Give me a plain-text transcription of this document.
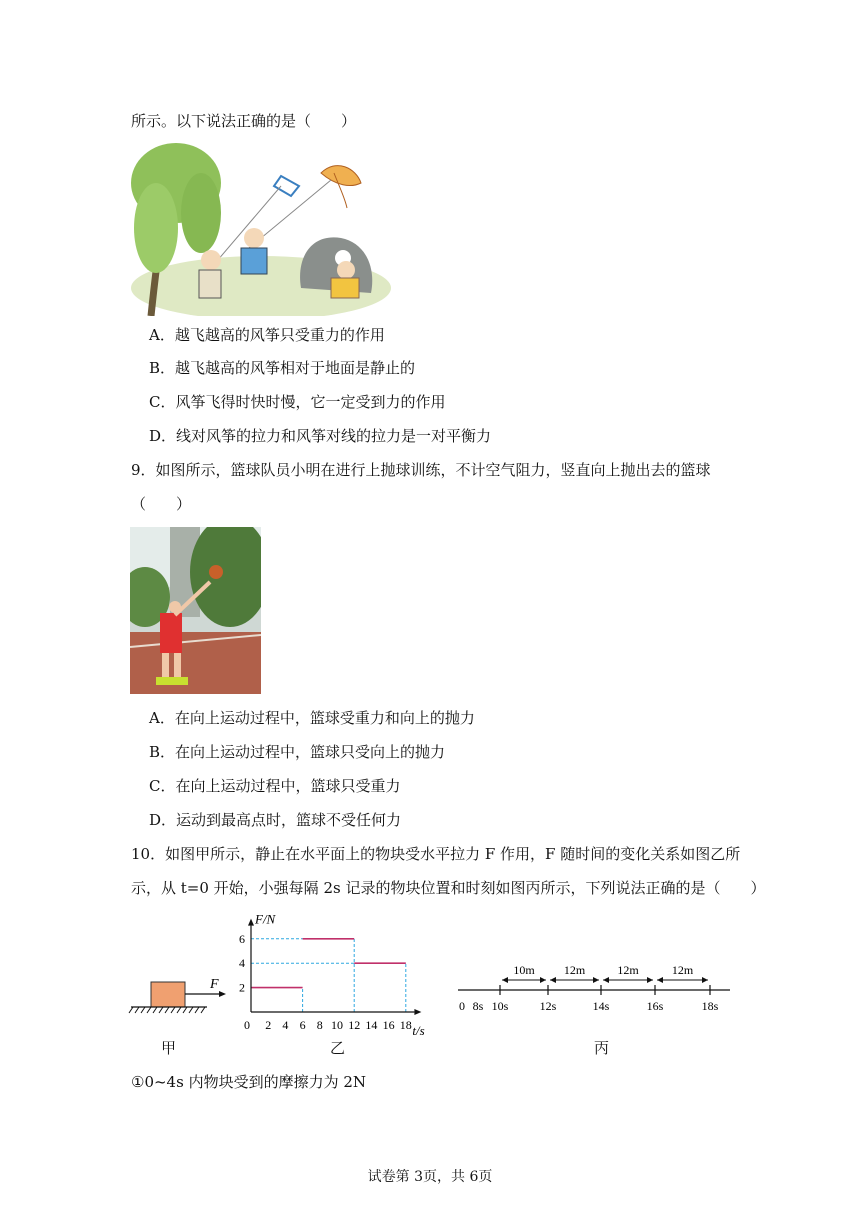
所示。以下说法正确的是（　　）
A．越飞越高的风筝只受重力的作用
B．越飞越高的风筝相对于地面是静止的
C．风筝飞得时快时慢，它一定受到力的作用
D．线对风筝的拉力和风筝对线的拉力是一对平衡力
9．如图所示，篮球队员小明在进行上抛球训练，不计空气阻力，竖直向上抛出去的篮球
（　　）
A．在向上运动过程中，篮球受重力和向上的抛力
B．在向上运动过程中，篮球只受向上的抛力
C．在向上运动过程中，篮球只受重力
D．运动到最高点时，篮球不受任何力
10．如图甲所示，静止在水平面上的物块受水平拉力 F 作用，F 随时间的变化关系如图乙所
示，从 t=0 开始，小强每隔 2s 记录的物块位置和时刻如图丙所示，下列说法正确的是（　　）
F
甲
0 2 4 6 8 10 12 14 16 18
2
4
6
F/N
t/s
乙
0 8s 10s	12s	14s	16s	18s
10m 12m	12m	12m
丙
①0~4s 内物块受到的摩擦力为 2N
试卷第 3页，共 6页
